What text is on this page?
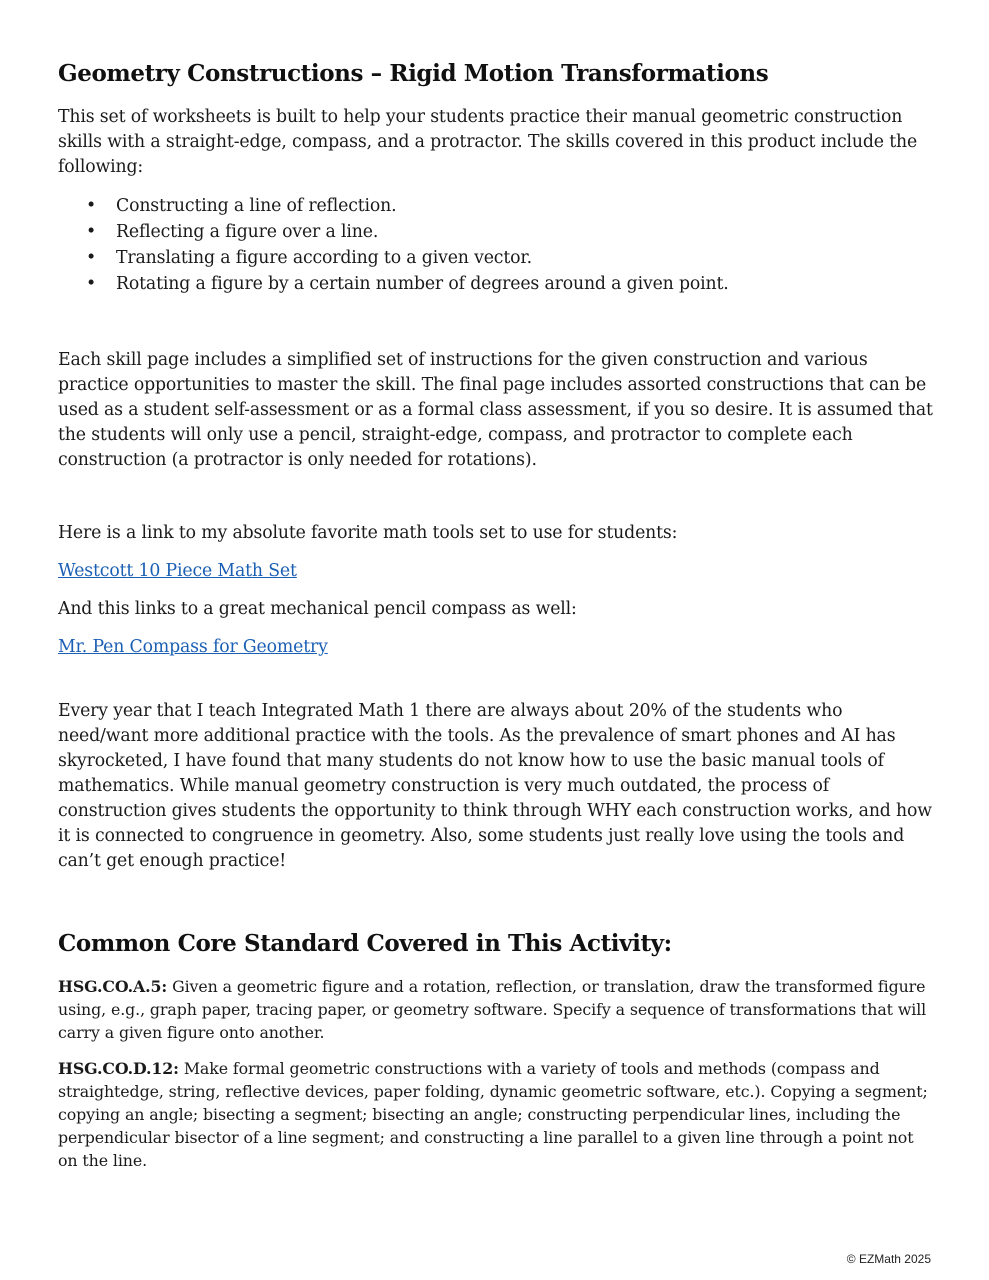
Geometry Constructions – Rigid Motion Transformations

This set of worksheets is built to help your students practice their manual geometric construction skills with a straight-edge, compass, and a protractor. The skills covered in this product include the following:

• Constructing a line of reflection.
• Reflecting a figure over a line.
• Translating a figure according to a given vector.
• Rotating a figure by a certain number of degrees around a given point.

Each skill page includes a simplified set of instructions for the given construction and various practice opportunities to master the skill. The final page includes assorted constructions that can be used as a student self-assessment or as a formal class assessment, if you so desire. It is assumed that the students will only use a pencil, straight-edge, compass, and protractor to complete each construction (a protractor is only needed for rotations).

Here is a link to my absolute favorite math tools set to use for students:

Westcott 10 Piece Math Set

And this links to a great mechanical pencil compass as well:

Mr. Pen Compass for Geometry

Every year that I teach Integrated Math 1 there are always about 20% of the students who need/want more additional practice with the tools. As the prevalence of smart phones and AI has skyrocketed, I have found that many students do not know how to use the basic manual tools of mathematics. While manual geometry construction is very much outdated, the process of construction gives students the opportunity to think through WHY each construction works, and how it is connected to congruence in geometry. Also, some students just really love using the tools and can’t get enough practice!

Common Core Standard Covered in This Activity:

HSG.CO.A.5: Given a geometric figure and a rotation, reflection, or translation, draw the transformed figure using, e.g., graph paper, tracing paper, or geometry software. Specify a sequence of transformations that will carry a given figure onto another.

HSG.CO.D.12: Make formal geometric constructions with a variety of tools and methods (compass and straightedge, string, reflective devices, paper folding, dynamic geometric software, etc.). Copying a segment; copying an angle; bisecting a segment; bisecting an angle; constructing perpendicular lines, including the perpendicular bisector of a line segment; and constructing a line parallel to a given line through a point not on the line.

© EZMath 2025
